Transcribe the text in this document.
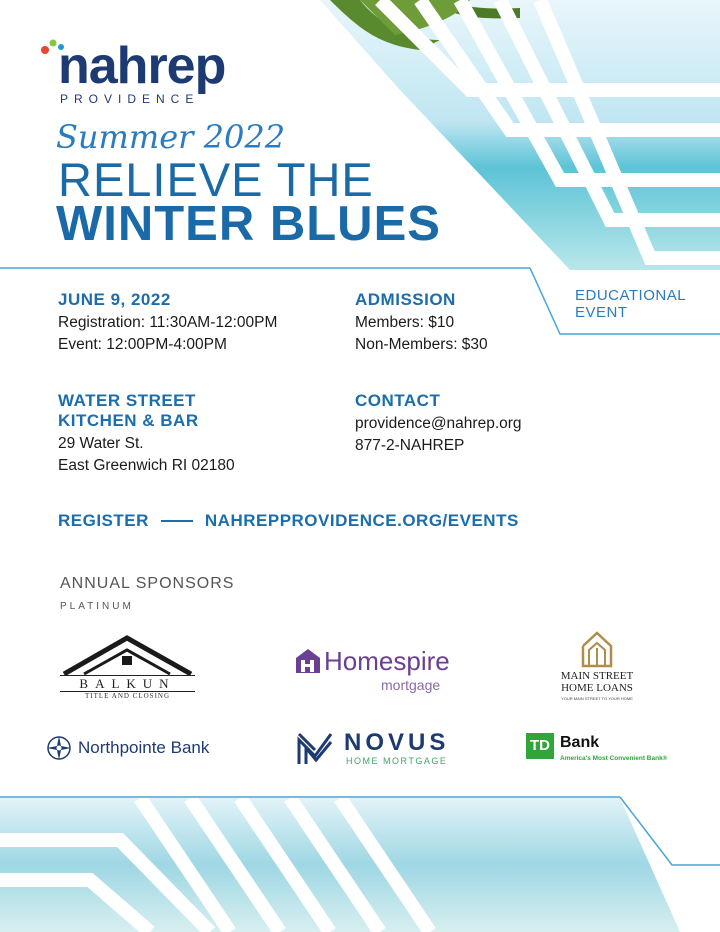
nahrep
PROVIDENCE
Summer 2022
RELIEVE THE
WINTER BLUES
EDUCATIONAL
EVENT
JUNE 9, 2022
Registration: 11:30AM-12:00PM
Event: 12:00PM-4:00PM
ADMISSION
Members: $10
Non-Members: $30
WATER STREET
KITCHEN & BAR
29 Water St.
East Greenwich RI 02180
CONTACT
providence@nahrep.org
877-2-NAHREP
REGISTER	NAHREPPROVIDENCE.ORG/EVENTS
ANNUAL SPONSORS
PLATINUM
BALKUN
TITLE AND CLOSING
Homespire
mortgage
MAIN STREET
HOME LOANS
YOUR MAIN STREET TO YOUR HOME
Northpointe Bank	NOVUS
HOME MORTGAGE
TD Bank
America's Most Convenient Bank®
